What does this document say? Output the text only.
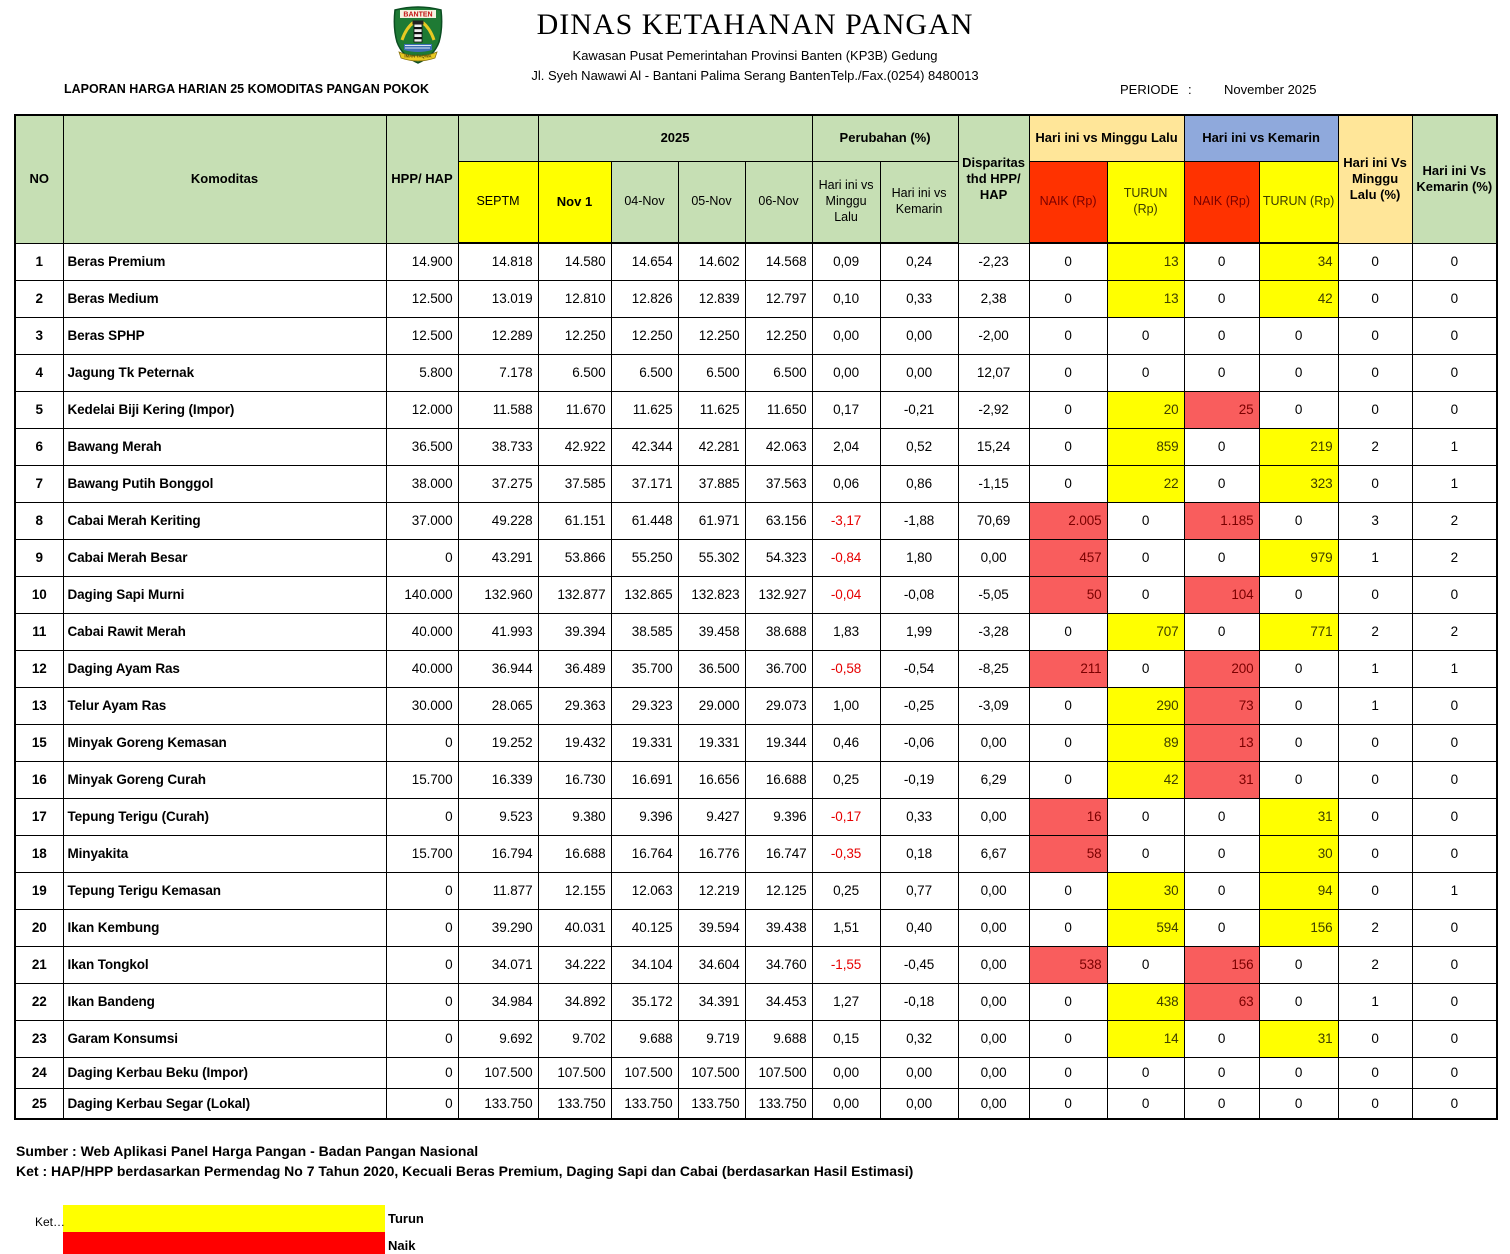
BANTEN
IMAN TAQWA
DINAS KETAHANAN PANGAN
Kawasan Pusat Pemerintahan Provinsi Banten (KP3B) Gedung
Jl. Syeh Nawawi Al - Bantani Palima Serang BantenTelp./Fax.(0254) 8480013
LAPORAN HARGA HARIAN 25 KOMODITAS PANGAN POKOK	PERIODE :	November 2025
NO	Komoditas	HPP/ HAP		2025				Perubahan (%)		Disparitas thd HPP/ HAP	Hari ini vs Minggu Lalu		Hari ini vs Kemarin		Hari ini Vs Minggu Lalu (%)	Hari ini Vs Kemarin (%)
			SEPTM	Nov 1	04-Nov	05-Nov	06-Nov	Hari ini vs Minggu Lalu	Hari ini vs Kemarin		NAIK (Rp)	TURUN (Rp)	NAIK (Rp)	TURUN (Rp)		
1	Beras Premium	14.900	14.818	14.580	14.654	14.602	14.568	0,09	0,24	-2,23	0	13	0	34	0	0
2	Beras Medium	12.500	13.019	12.810	12.826	12.839	12.797	0,10	0,33	2,38	0	13	0	42	0	0
3	Beras SPHP	12.500	12.289	12.250	12.250	12.250	12.250	0,00	0,00	-2,00	0	0	0	0	0	0
4	Jagung Tk Peternak	5.800	7.178	6.500	6.500	6.500	6.500	0,00	0,00	12,07	0	0	0	0	0	0
5	Kedelai Biji Kering (Impor)	12.000	11.588	11.670	11.625	11.625	11.650	0,17	-0,21	-2,92	0	20	25	0	0	0
6	Bawang Merah	36.500	38.733	42.922	42.344	42.281	42.063	2,04	0,52	15,24	0	859	0	219	2	1
7	Bawang Putih Bonggol	38.000	37.275	37.585	37.171	37.885	37.563	0,06	0,86	-1,15	0	22	0	323	0	1
8	Cabai Merah Keriting	37.000	49.228	61.151	61.448	61.971	63.156	-3,17	-1,88	70,69	2.005	0	1.185	0	3	2
9	Cabai Merah Besar	0	43.291	53.866	55.250	55.302	54.323	-0,84	1,80	0,00	457	0	0	979	1	2
10	Daging Sapi Murni	140.000	132.960	132.877	132.865	132.823	132.927	-0,04	-0,08	-5,05	50	0	104	0	0	0
11	Cabai Rawit Merah	40.000	41.993	39.394	38.585	39.458	38.688	1,83	1,99	-3,28	0	707	0	771	2	2
12	Daging Ayam Ras	40.000	36.944	36.489	35.700	36.500	36.700	-0,58	-0,54	-8,25	211	0	200	0	1	1
13	Telur Ayam Ras	30.000	28.065	29.363	29.323	29.000	29.073	1,00	-0,25	-3,09	0	290	73	0	1	0
15	Minyak Goreng Kemasan	0	19.252	19.432	19.331	19.331	19.344	0,46	-0,06	0,00	0	89	13	0	0	0
16	Minyak Goreng Curah	15.700	16.339	16.730	16.691	16.656	16.688	0,25	-0,19	6,29	0	42	31	0	0	0
17	Tepung Terigu (Curah)	0	9.523	9.380	9.396	9.427	9.396	-0,17	0,33	0,00	16	0	0	31	0	0
18	Minyakita	15.700	16.794	16.688	16.764	16.776	16.747	-0,35	0,18	6,67	58	0	0	30	0	0
19	Tepung Terigu Kemasan	0	11.877	12.155	12.063	12.219	12.125	0,25	0,77	0,00	0	30	0	94	0	1
20	Ikan Kembung	0	39.290	40.031	40.125	39.594	39.438	1,51	0,40	0,00	0	594	0	156	2	0
21	Ikan Tongkol	0	34.071	34.222	34.104	34.604	34.760	-1,55	-0,45	0,00	538	0	156	0	2	0
22	Ikan Bandeng	0	34.984	34.892	35.172	34.391	34.453	1,27	-0,18	0,00	0	438	63	0	1	0
23	Garam Konsumsi	0	9.692	9.702	9.688	9.719	9.688	0,15	0,32	0,00	0	14	0	31	0	0
24	Daging Kerbau Beku (Impor)	0	107.500	107.500	107.500	107.500	107.500	0,00	0,00	0,00	0	0	0	0	0	0
25	Daging Kerbau Segar (Lokal)	0	133.750	133.750	133.750	133.750	133.750	0,00	0,00	0,00	0	0	0	0	0	0
Sumber : Web Aplikasi Panel Harga Pangan - Badan Pangan Nasional
Ket : HAP/HPP berdasarkan Permendag No 7 Tahun 2020, Kecuali Beras Premium, Daging Sapi dan Cabai (berdasarkan Hasil Estimasi)
Ket…	Turun
Naik
